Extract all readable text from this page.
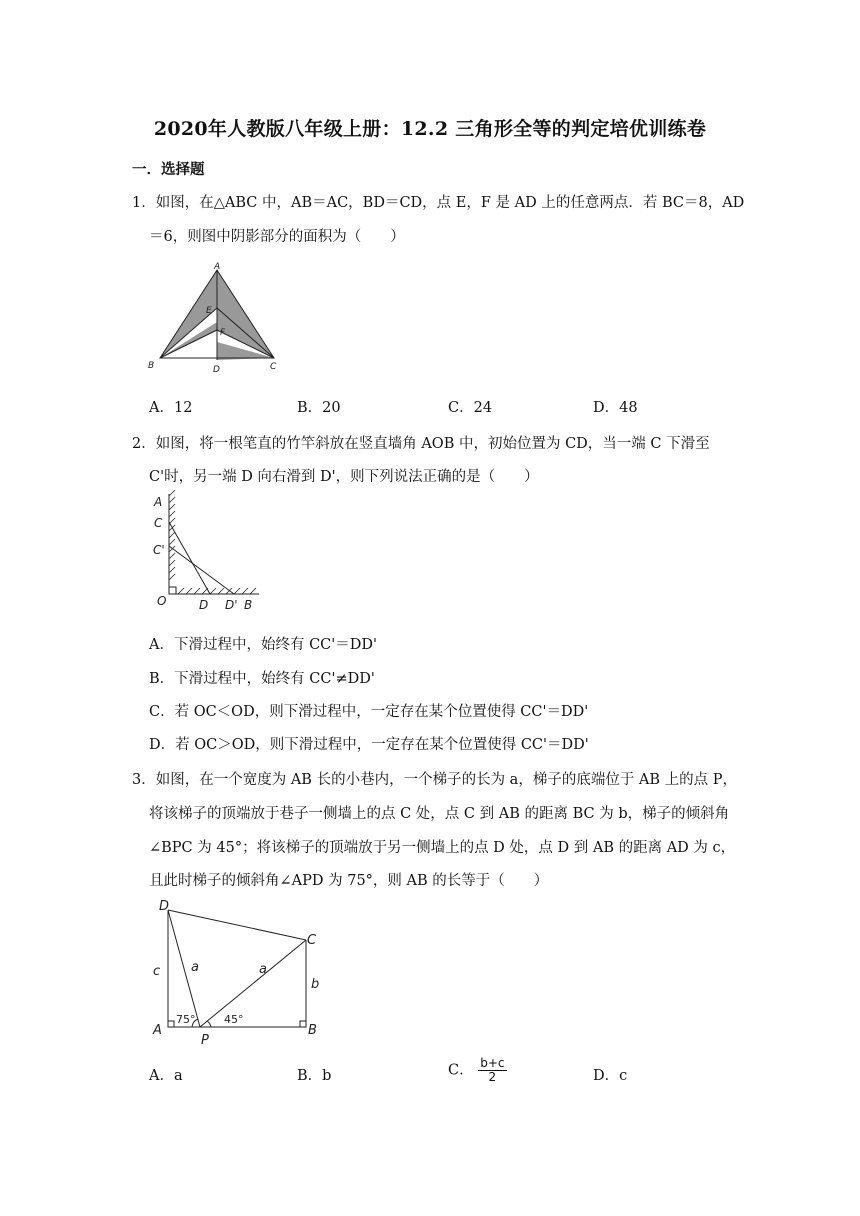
2020年人教版八年级上册：12.2 三角形全等的判定培优训练卷
一．选择题
1．如图，在△ABC 中，AB＝AC，BD＝CD，点 E，F 是 AD 上的任意两点．若 BC＝8，AD
＝6，则图中阴影部分的面积为（　　）
A
B	C
D
E
F
A．12	B．20	C．24	D．48
2．如图，将一根笔直的竹竿斜放在竖直墙角 AOB 中，初始位置为 CD，当一端 C 下滑至
C'时，另一端 D 向右滑到 D'，则下列说法正确的是（　　）
A
C
C'
O	D D' B
A．下滑过程中，始终有 CC'＝DD'
B．下滑过程中，始终有 CC'≠DD'
C．若 OC＜OD，则下滑过程中，一定存在某个位置使得 CC'＝DD'
D．若 OC＞OD，则下滑过程中，一定存在某个位置使得 CC'＝DD'
3．如图，在一个宽度为 AB 长的小巷内，一个梯子的长为 a，梯子的底端位于 AB 上的点 P，
将该梯子的顶端放于巷子一侧墙上的点 C 处，点 C 到 AB 的距离 BC 为 b，梯子的倾斜角
∠BPC 为 45°；将该梯子的顶端放于另一侧墙上的点 D 处，点 D 到 AB 的距离 AD 为 c，
且此时梯子的倾斜角∠APD 为 75°，则 AB 的长等于（　　）
D
C
c a	a
b
A	B
P
75°	45°
A．a	B．b	C． $\frac{b+c}{2}$	D．c
